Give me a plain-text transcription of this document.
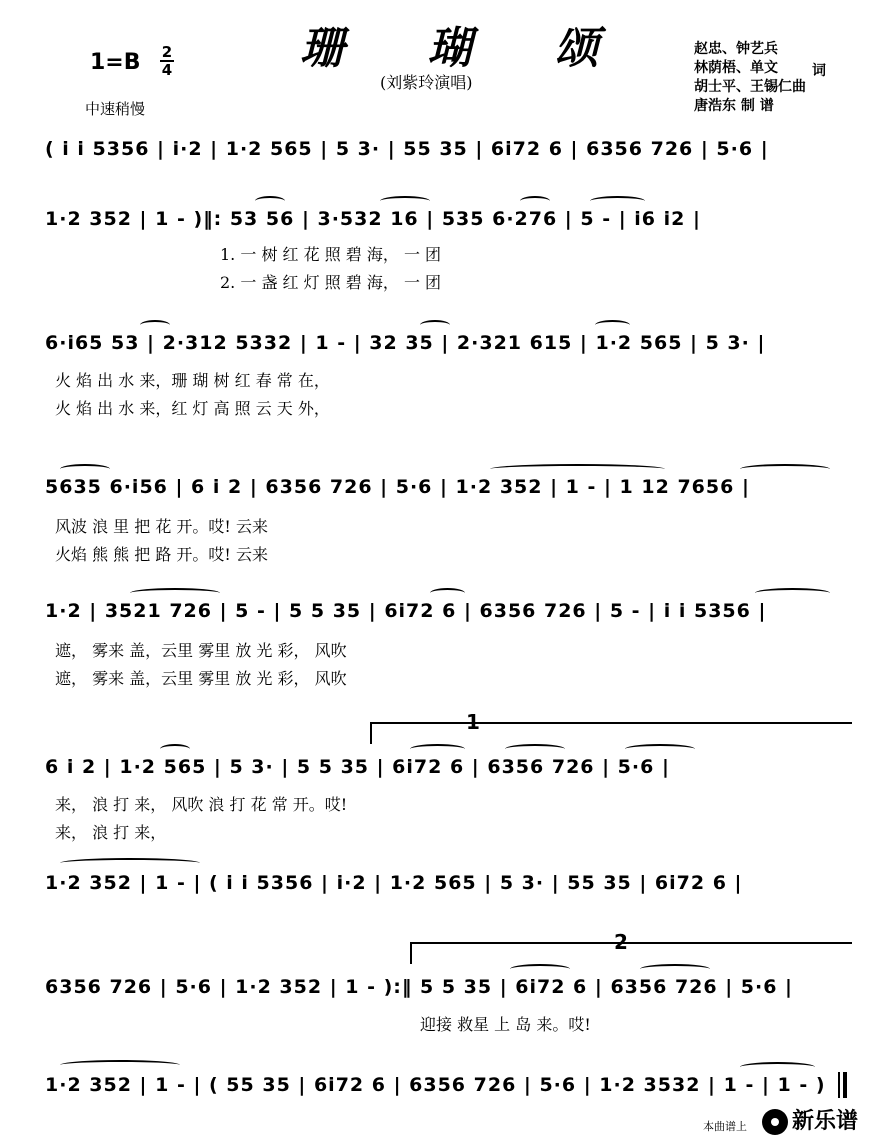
珊 瑚 颂
(刘紫玲演唱)
1=B 2
4
中速稍慢
赵忠、钟艺兵
林荫梧、单文
胡士平、王锡仁曲
唐浩东 制 谱
词
( i i 5356 | i·2 | 1·2 565 | 5 3· | 55 35 | 6i72 6 | 6356 726 | 5·6 |
1·2 352 | 1 - )‖: 53 56 | 3·532 16 | 535 6·276 | 5 - | i6 i2 |
1. 一 树 红 花 照 碧 海， 一 团
2. 一 盏 红 灯 照 碧 海， 一 团
6·i65 53 | 2·312 5332 | 1 - | 32 35 | 2·321 615 | 1·2 565 | 5 3· |
火 焰 出 水 来，珊 瑚 树 红 春 常 在，
火 焰 出 水 来，红 灯 高 照 云 天 外，
5635 6·i56 | 6 i 2 | 6356 726 | 5·6 | 1·2 352 | 1 - | 1 12 7656 |
风波 浪 里 把 花 开。哎! 云来
火焰 熊 熊 把 路 开。哎! 云来
1·2 | 3521 726 | 5 - | 5 5 35 | 6i72 6 | 6356 726 | 5 - | i i 5356 |
遮， 雾来 盖，云里 雾里 放 光 彩， 风吹
遮， 雾来 盖，云里 雾里 放 光 彩， 风吹
1
6 i 2 | 1·2 565 | 5 3· | 5 5 35 | 6i72 6 | 6356 726 | 5·6 |
来， 浪 打 来， 风吹 浪 打 花 常 开。哎!
来， 浪 打 来，
1·2 352 | 1 - | ( i i 5356 | i·2 | 1·2 565 | 5 3· | 55 35 | 6i72 6 |
2
6356 726 | 5·6 | 1·2 352 | 1 - ):‖ 5 5 35 | 6i72 6 | 6356 726 | 5·6 |
迎接 救星 上 岛 来。哎!
1·2 352 | 1 - | ( 55 35 | 6i72 6 | 6356 726 | 5·6 | 1·2 3532 | 1 - | 1 - )
本曲谱上	新乐谱
